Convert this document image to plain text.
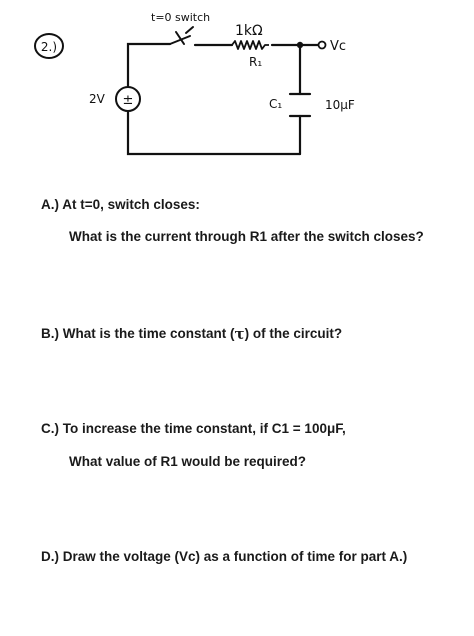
2.)
t=0 switch
1kΩ
R₁
Vc
±
2V	C₁	10μF
A.) At t=0, switch closes:
What is the current through R1 after the switch closes?
B.) What is the time constant (τ) of the circuit?
C.) To increase the time constant, if C1 = 100μF,
What value of R1 would be required?
D.) Draw the voltage (Vc) as a function of time for part A.)
